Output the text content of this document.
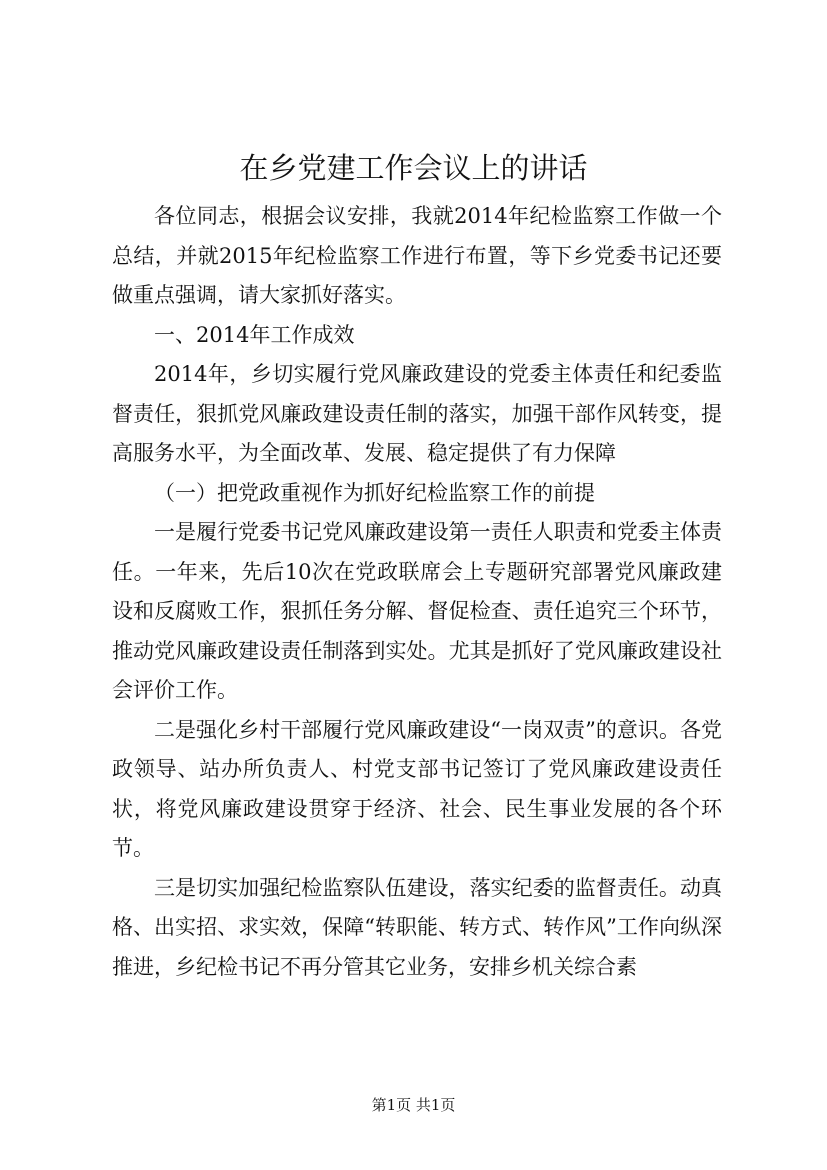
在乡党建工作会议上的讲话

各位同志，根据会议安排，我就2014年纪检监察工作做一个总结，并就2015年纪检监察工作进行布置，等下乡党委书记还要做重点强调，请大家抓好落实。

一、2014年工作成效

2014年，乡切实履行党风廉政建设的党委主体责任和纪委监督责任，狠抓党风廉政建设责任制的落实，加强干部作风转变，提高服务水平，为全面改革、发展、稳定提供了有力保障

（一）把党政重视作为抓好纪检监察工作的前提

一是履行党委书记党风廉政建设第一责任人职责和党委主体责任。一年来，先后10次在党政联席会上专题研究部署党风廉政建设和反腐败工作，狠抓任务分解、督促检查、责任追究三个环节，推动党风廉政建设责任制落到实处。尤其是抓好了党风廉政建设社会评价工作。

二是强化乡村干部履行党风廉政建设“一岗双责”的意识。各党政领导、站办所负责人、村党支部书记签订了党风廉政建设责任状，将党风廉政建设贯穿于经济、社会、民生事业发展的各个环节。

三是切实加强纪检监察队伍建设，落实纪委的监督责任。动真格、出实招、求实效，保障“转职能、转方式、转作风”工作向纵深推进，乡纪检书记不再分管其它业务，安排乡机关综合素

第1页 共1页
